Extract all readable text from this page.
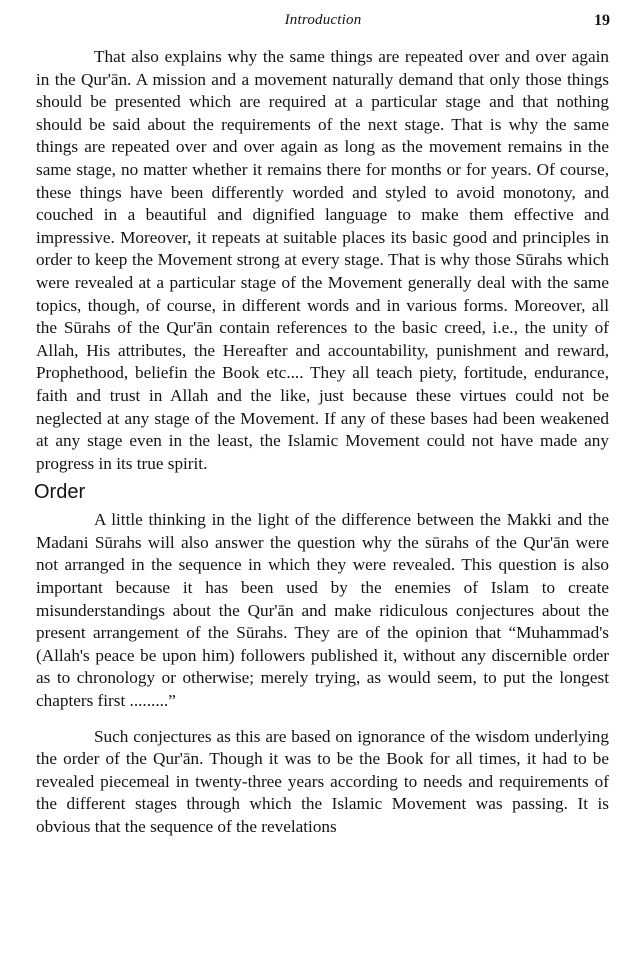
Introduction	19

That also explains why the same things are repeated over and over again in the Qur'ān. A mission and a movement naturally demand that only those things should be presented which are required at a particular stage and that nothing should be said about the requirements of the next stage. That is why the same things are repeated over and over again as long as the movement remains in the same stage, no matter whether it remains there for months or for years. Of course, these things have been differently worded and styled to avoid monotony, and couched in a beautiful and dignified language to make them effective and impressive. Moreover, it repeats at suitable places its basic good and principles in order to keep the Movement strong at every stage. That is why those Sūrahs which were revealed at a particular stage of the Movement generally deal with the same topics, though, of course, in different words and in various forms. Moreover, all the Sūrahs of the Qur'ān contain references to the basic creed, i.e., the unity of Allah, His attributes, the Hereafter and accountability, punishment and reward, Prophethood, beliefin the Book etc.... They all teach piety, fortitude, endurance, faith and trust in Allah and the like, just because these virtues could not be neglected at any stage of the Movement. If any of these bases had been weakened at any stage even in the least, the Islamic Movement could not have made any progress in its true spirit.

Order

A little thinking in the light of the difference between the Makki and the Madani Sūrahs will also answer the question why the sūrahs of the Qur'ān were not arranged in the sequence in which they were revealed. This question is also important because it has been used by the enemies of Islam to create misunderstandings about the Qur'ān and make ridiculous conjectures about the present arrangement of the Sūrahs. They are of the opinion that “Muhammad's (Allah's peace be upon him) followers published it, without any discernible order as to chronology or otherwise; merely trying, as would seem, to put the longest chapters first .........”

Such conjectures as this are based on ignorance of the wisdom underlying the order of the Qur'ān. Though it was to be the Book for all times, it had to be revealed piecemeal in twenty-three years according to needs and requirements of the different stages through which the Islamic Movement was passing. It is obvious that the sequence of the revelations
